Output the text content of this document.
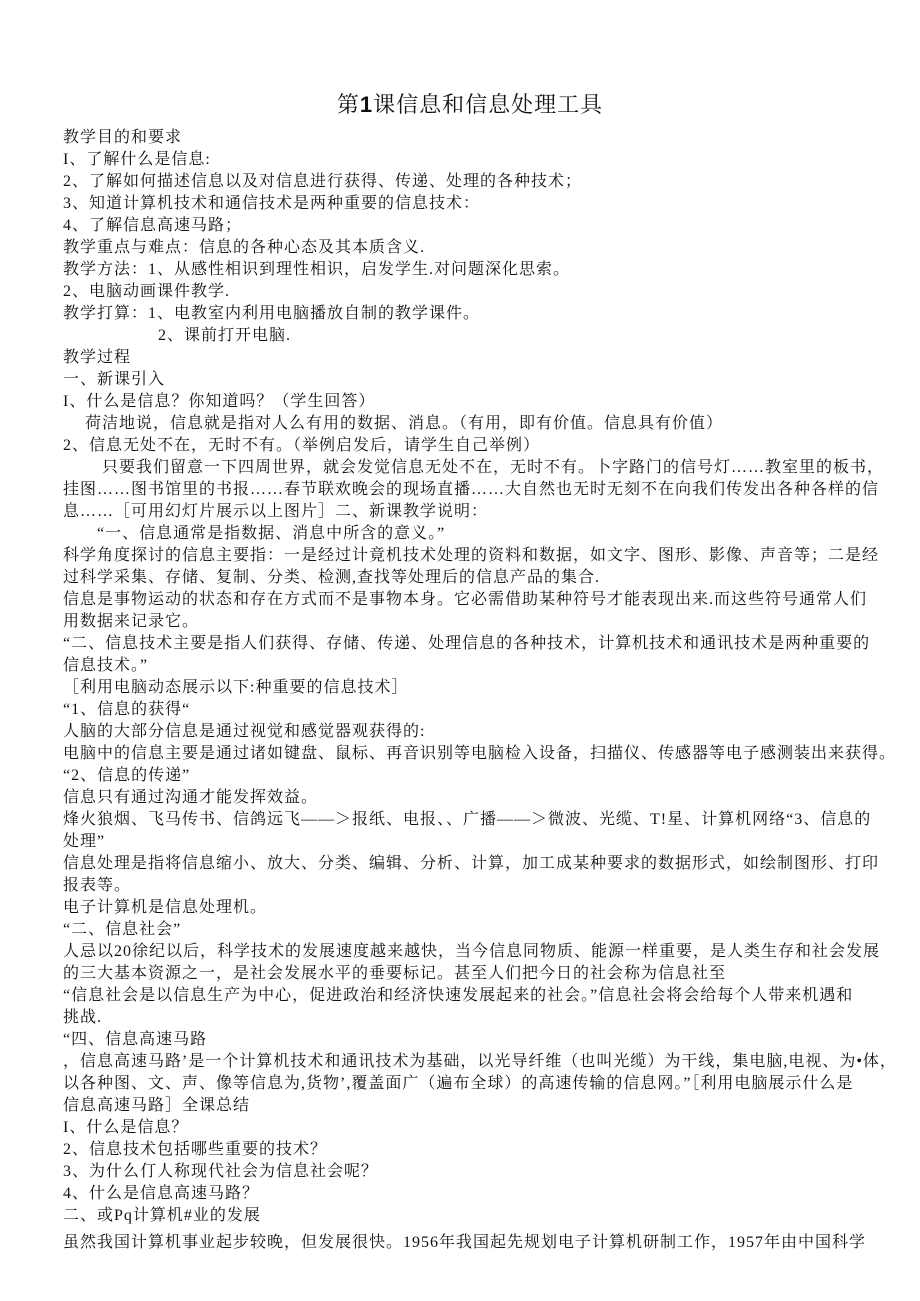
第1课信息和信息处理工具
教学目的和要求
I、了解什么是信息:
2、了解如何描述信息以及对信息进行获得、传递、处理的各种技术；
3、知道计算机技术和通信技术是两种重要的信息技术：
4、了解信息高速马路；
教学重点与难点：信息的各种心态及其本质含义.
教学方法：1、从感性相识到理性相识，启发学生.对问题深化思索。
2、电脑动画课件教学.
教学打算：1、电教室内利用电脑播放自制的教学课件。
2、课前打开电脑.
教学过程
一、新课引入
I、什么是信息？你知道吗？（学生回答）
荷洁地说，信息就是指对人么有用的数据、消息。（有用，即有价值。信息具有价值）
2、信息无处不在，无时不有。（举例启发后，请学生自己举例）
只要我们留意一下四周世界，就会发觉信息无处不在，无时不有。卜字路门的信号灯……教室里的板书，
挂图……图书馆里的书报……春节联欢晚会的现场直播……大自然也无时无刻不在向我们传发出各种各样的信
息……［可用幻灯片展示以上图片］二、新课教学说明：
“一、信息通常是指数据、消息中所含的意义。”
科学角度探讨的信息主要指：一是经过计竟机技术处理的资料和数据，如文字、图形、影像、声音等；二是经
过科学采集、存储、复制、分类、检测,查找等处理后的信息产品的集合.
信息是事物运动的状态和存在方式而不是事物本身。它必需借助某种符号才能表现出来.而这些符号通常人们
用数据来记录它。
“二、信息技术主要是指人们获得、存储、传递、处理信息的各种技术，计算机技术和通讯技术是两种重要的
信息技术。”
［利用电脑动态展示以下:种重要的信息技术］
“1、信息的获得“
人脑的大部分信息是通过视觉和感觉器观获得的:
电脑中的信息主要是通过诸如键盘、鼠标、再音识别等电脑检入设备，扫描仪、传感器等电子感测装出来获得。
“2、信息的传递”
信息只有通过沟通才能发挥效益。
烽火狼烟、飞马传书、信鸽远飞——＞报纸、电报、、广播——＞微波、光缆、T!星、计算机网络“3、信息的
处理”
信息处理是指将信息缩小、放大、分类、编辑、分析、计算，加工成某种要求的数据形式，如绘制图形、打印
报表等。
电子计算机是信息处理机。
“二、信息社会”
人忌以20徐纪以后，科学技术的发展速度越来越快，当今信息同物质、能源一样重要，是人类生存和社会发展
的三大基本资源之一，是社会发展水平的垂要标记。甚至人们把今日的社会称为信息社至
“信息社会是以信息生产为中心，促进政治和经济快速发展起来的社会。”信息社会将会给每个人带来机遇和
挑战.
“四、信息高速马路
，信息高速马路’是一个计算机技术和通讯技术为基础，以光导纤维（也叫光缆）为干线，集电脑,电视、为•体，
以各种图、文、声、像等信息为,货物’,覆盖面广（遍布全球）的高速传输的信息网。”［利用电脑展示什么是
信息高速马路］全课总结
I、什么是信息？
2、信息技术包括哪些重要的技术？
3、为什么仃人称现代社会为信息社会呢？
4、什么是信息高速马路？
二、或Pq计算机#业的发展
虽然我国计算机事业起步较晚，但发展很快。1956年我国起先规划电子计算机研制工作，1957年由中国科学
